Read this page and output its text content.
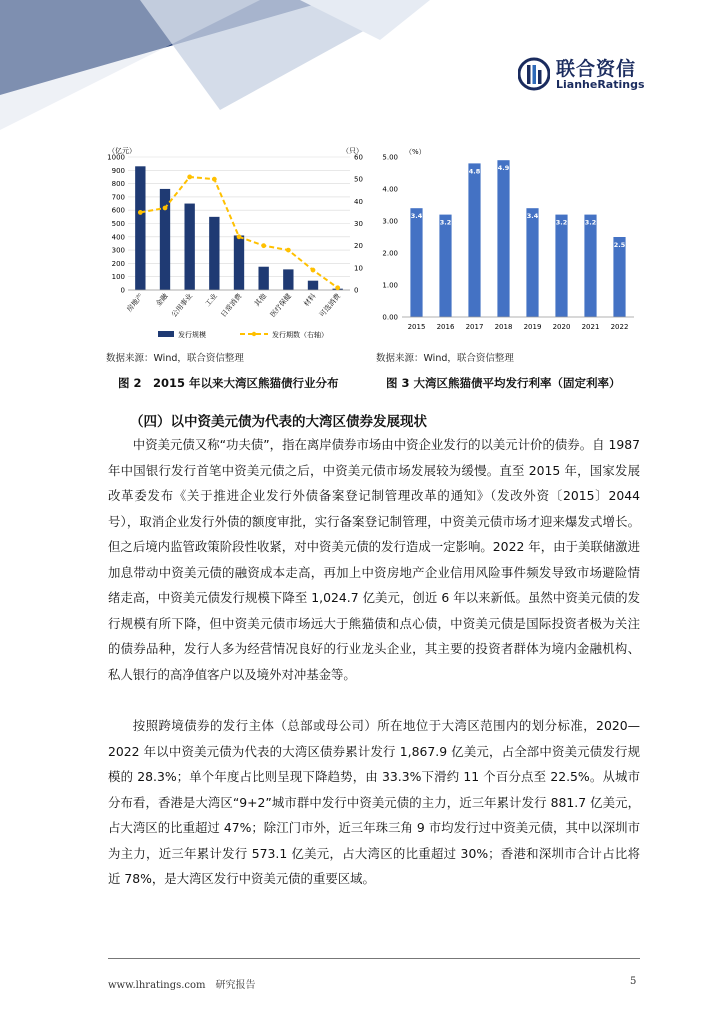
联合资信
LianheRatings
（亿元）	（只）
0
100
200
300
400
500
600
700
800
900
1000
0
10
20
30
40
50
60
房地产 金融 公用事业 工业 日常消费 其他 医疗保健 材料 可选消费
发行规模	发行期数（右轴）
数据来源：Wind，联合资信整理
图 2　2015 年以来大湾区熊猫债行业分布
（%）
0.00
1.00
2.00
3.00
4.00
5.00
3.4
2015
3.2
2016
4.8
2017
4.9
2018
3.4
2019
3.2
2020
3.2
2021
2.5
2022
数据来源：Wind，联合资信整理
图 3 大湾区熊猫债平均发行利率（固定利率）
（四）以中资美元债为代表的大湾区债券发展现状
中资美元债又称“功夫债”，指在离岸债券市场由中资企业发行的以美元计价的债券。自 1987 年中国银行发行首笔中资美元债之后，中资美元债市场发展较为缓慢。直至 2015 年，国家发展改革委发布《关于推进企业发行外债备案登记制管理改革的通知》（发改外资〔2015〕2044 号），取消企业发行外债的额度审批，实行备案登记制管理，中资美元债市场才迎来爆发式增长。但之后境内监管政策阶段性收紧，对中资美元债的发行造成一定影响。2022 年，由于美联储激进加息带动中资美元债的融资成本走高，再加上中资房地产企业信用风险事件频发导致市场避险情绪走高，中资美元债发行规模下降至 1,024.7 亿美元，创近 6 年以来新低。虽然中资美元债的发行规模有所下降，但中资美元债市场远大于熊猫债和点心债，中资美元债是国际投资者极为关注的债券品种，发行人多为经营情况良好的行业龙头企业，其主要的投资者群体为境内金融机构、私人银行的高净值客户以及境外对冲基金等。
按照跨境债券的发行主体（总部或母公司）所在地位于大湾区范围内的划分标准，2020—2022 年以中资美元债为代表的大湾区债券累计发行 1,867.9 亿美元，占全部中资美元债发行规模的 28.3%；单个年度占比则呈现下降趋势，由 33.3%下滑约 11 个百分点至 22.5%。从城市分布看，香港是大湾区“9+2”城市群中发行中资美元债的主力，近三年累计发行 881.7 亿美元，占大湾区的比重超过 47%；除江门市外，近三年珠三角 9 市均发行过中资美元债，其中以深圳市为主力，近三年累计发行 573.1 亿美元，占大湾区的比重超过 30%；香港和深圳市合计占比将近 78%，是大湾区发行中资美元债的重要区域。
www.lhratings.com　研究报告	5
